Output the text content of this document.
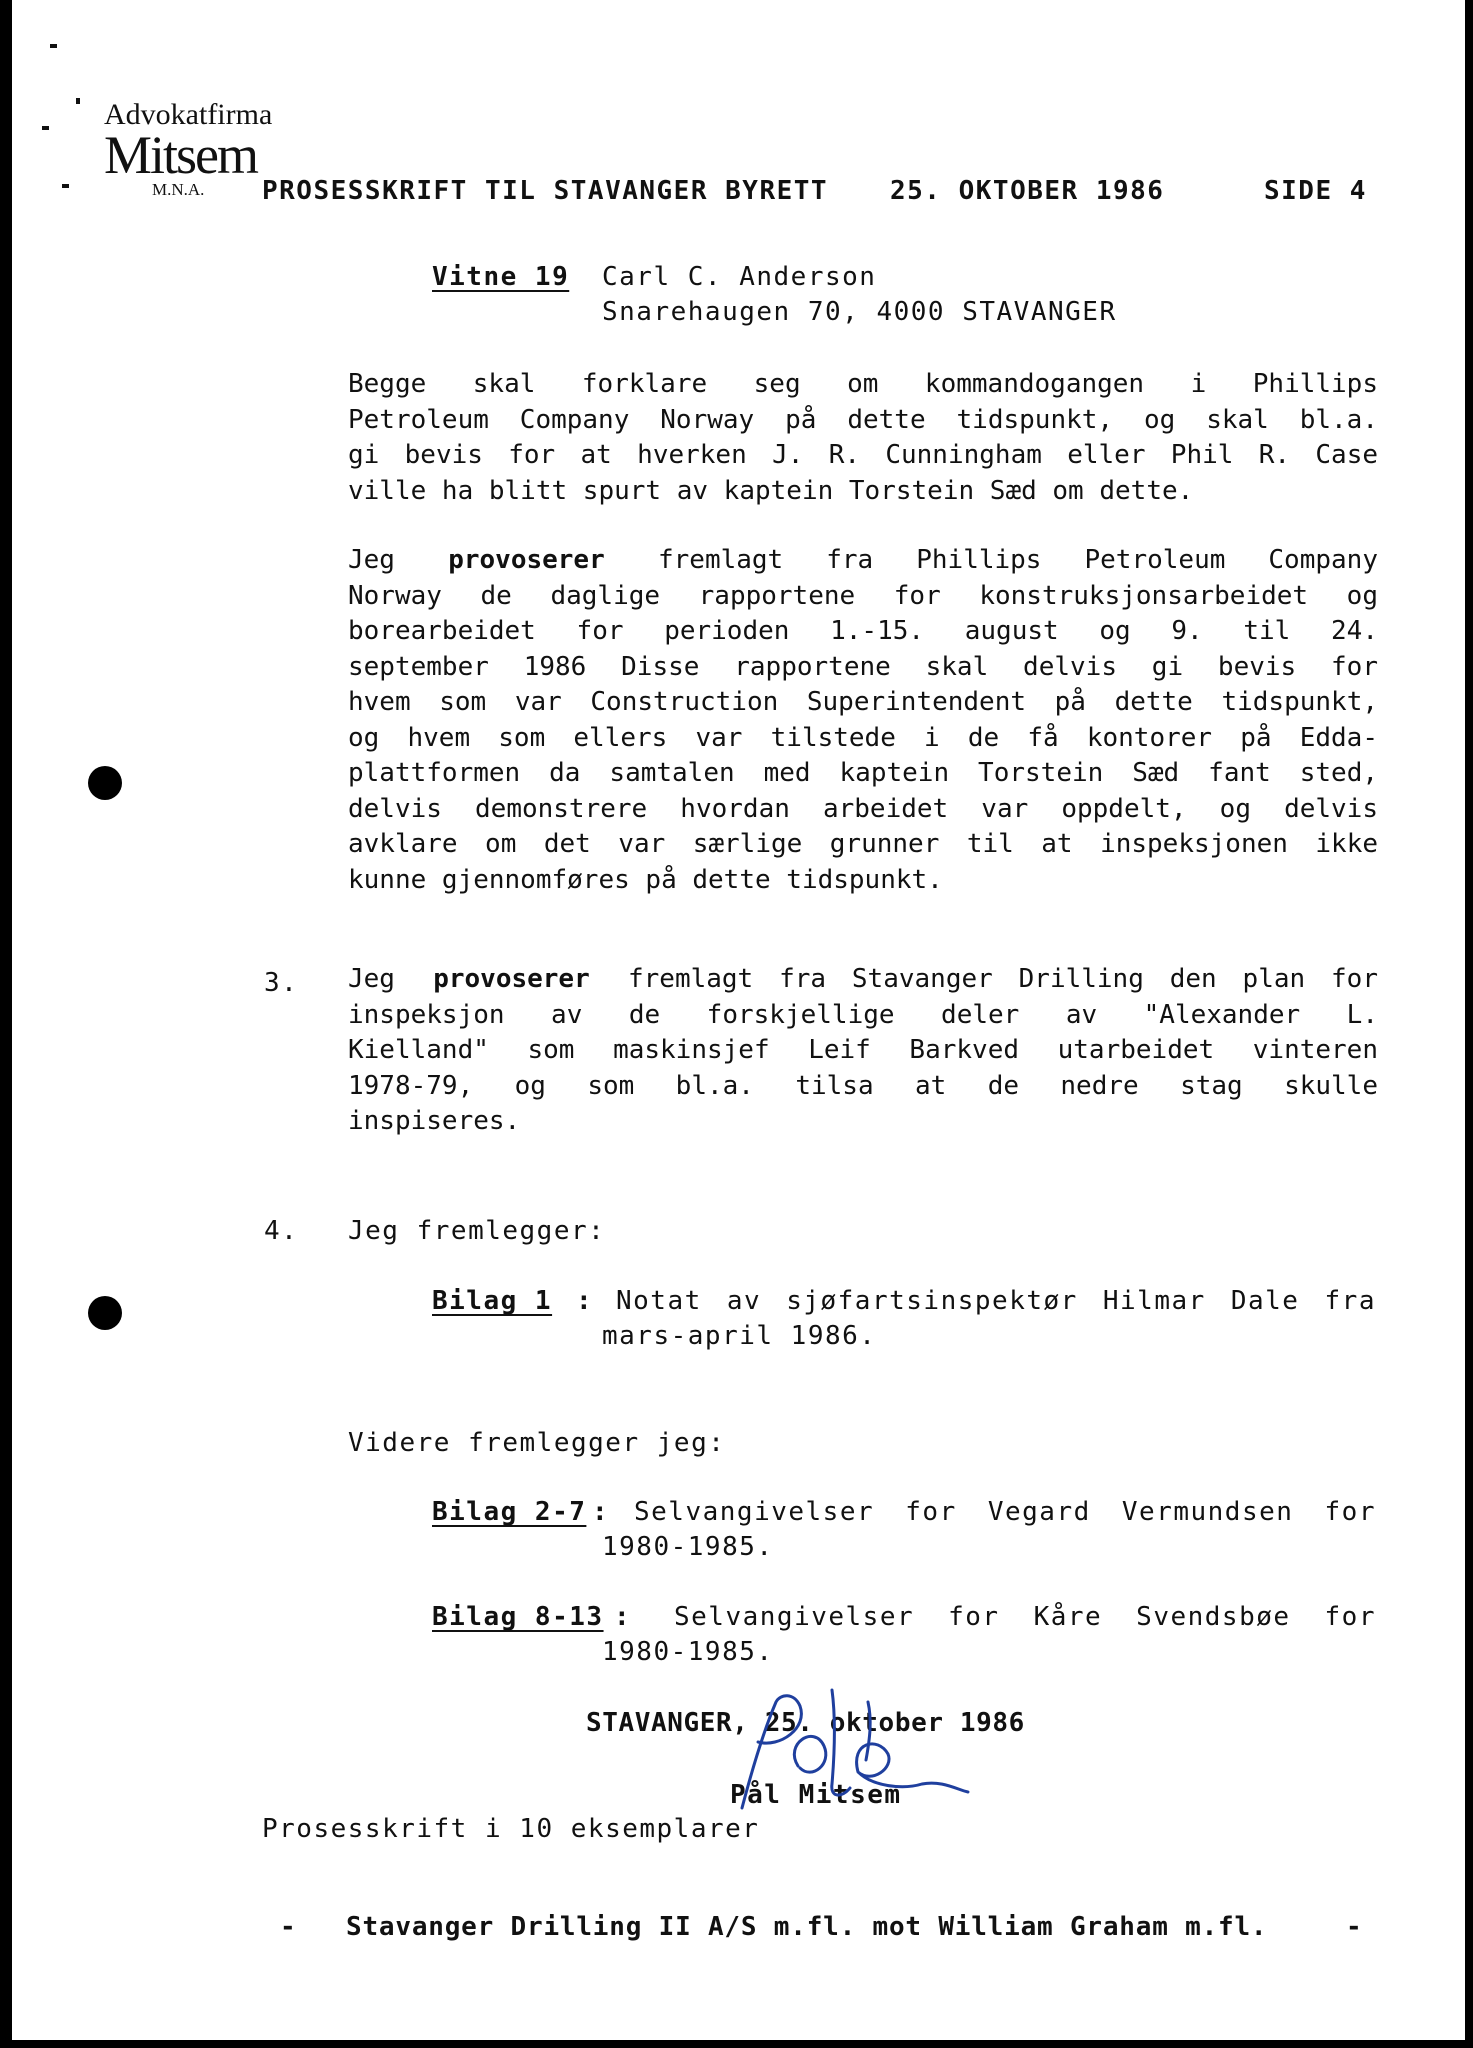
Advokatfirma
Mitsem
M.N.A. PROSESSKRIFT TIL STAVANGER BYRETT 25. OKTOBER 1986	SIDE 4
Vitne 19 Carl C. Anderson
Snarehaugen 70, 4000 STAVANGER

Begge skal forklare seg om kommandogangen i Phillips

Petroleum Company Norway på dette tidspunkt, og skal bl.a.

gi bevis for at hverken J. R. Cunningham eller Phil R. Case

ville ha blitt spurt av kaptein Torstein Sæd om dette.

Jeg provoserer fremlagt fra Phillips Petroleum Company

Norway de daglige rapportene for konstruksjonsarbeidet og

borearbeidet for perioden 1.-15. august og 9. til 24.

september 1986 Disse rapportene skal delvis gi bevis for

hvem som var Construction Superintendent på dette tidspunkt,

og hvem som ellers var tilstede i de få kontorer på Edda-

plattformen da samtalen med kaptein Torstein Sæd fant sted,

delvis demonstrere hvordan arbeidet var oppdelt, og delvis

avklare om det var særlige grunner til at inspeksjonen ikke

kunne gjennomføres på dette tidspunkt.

3. Jeg provoserer fremlagt fra Stavanger Drilling den plan for

inspeksjon av de forskjellige deler av "Alexander L.

Kielland" som maskinsjef Leif Barkved utarbeidet vinteren

1978-79, og som bl.a. tilsa at de nedre stag skulle

inspiseres.

4. Jeg fremlegger:
Bilag 1 : Notat av sjøfartsinspektør Hilmar Dale fra
mars-april 1986.
Videre fremlegger jeg:
Bilag 2-7 : Selvangivelser for Vegard Vermundsen for
1980-1985.
Bilag 8-13 : Selvangivelser for Kåre Svendsbøe for
1980-1985.
STAVANGER, 25. oktober 1986
Pål Mitsem
Prosesskrift i 10 eksemplarer
- Stavanger Drilling II A/S m.fl. mot William Graham m.fl.	-
